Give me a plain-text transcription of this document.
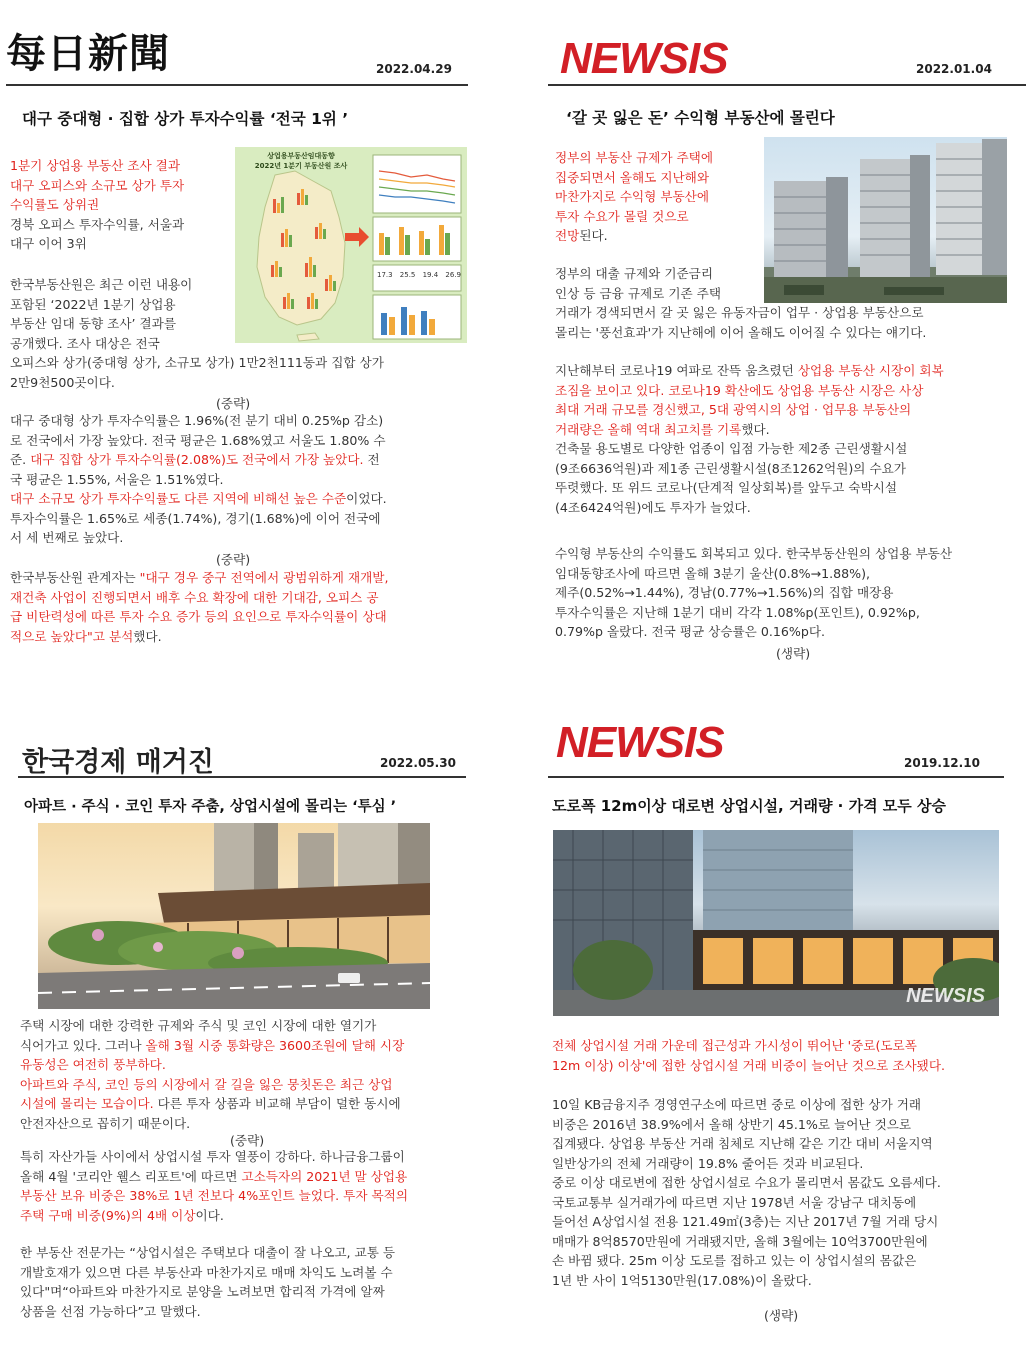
每日新聞	2022.04.29
대구 중대형 · 집합 상가 투자수익률 ‘전국 1위 ’
상업용부동산임대동향
2022년 1분기 부동산원 조사
17.3 25.5 19.4 26.9

1분기 상업용 부동산 조사 결과

대구 오피스와 소규모 상가 투자

수익률도 상위권

경북 오피스 투자수익률, 서울과

대구 이어 3위

한국부동산원은 최근 이런 내용이

포함된 ‘2022년 1분기 상업용

부동산 임대 동향 조사’ 결과를

공개했다. 조사 대상은 전국

오피스와 상가(중대형 상가, 소규모 상가) 1만2천111동과 집합 상가

2만9천500곳이다.

(중략)

대구 중대형 상가 투자수익률은 1.96%(전 분기 대비 0.25%p 감소)

로 전국에서 가장 높았다. 전국 평균은 1.68%였고 서울도 1.80% 수

준. 대구 집합 상가 투자수익률(2.08%)도 전국에서 가장 높았다. 전

국 평균은 1.55%, 서울은 1.51%였다.

대구 소규모 상가 투자수익률도 다른 지역에 비해선 높은 수준이었다.

투자수익률은 1.65%로 세종(1.74%), 경기(1.68%)에 이어 전국에

서 세 번째로 높았다.

(중략)

한국부동산원 관계자는 "대구 경우 중구 전역에서 광범위하게 재개발,

재건축 사업이 진행되면서 배후 수요 확장에 대한 기대감, 오피스 공

급 비탄력성에 따른 투자 수요 증가 등의 요인으로 투자수익률이 상대

적으로 높았다"고 분석했다.

NEWSIS	2022.01.04
‘갈 곳 잃은 돈’ 수익형 부동산에 몰린다

정부의 부동산 규제가 주택에

집중되면서 올해도 지난해와

마찬가지로 수익형 부동산에

투자 수요가 몰릴 것으로

전망된다.

정부의 대출 규제와 기준금리

인상 등 금융 규제로 기존 주택

거래가 경색되면서 갈 곳 잃은 유동자금이 업무 · 상업용 부동산으로

몰리는 '풍선효과'가 지난해에 이어 올해도 이어질 수 있다는 얘기다.

지난해부터 코로나19 여파로 잔뜩 움츠렸던 상업용 부동산 시장이 회복

조짐을 보이고 있다. 코로나19 확산에도 상업용 부동산 시장은 사상

최대 거래 규모를 경신했고, 5대 광역시의 상업 · 업무용 부동산의

거래량은 올해 역대 최고치를 기록했다.

건축물 용도별로 다양한 업종이 입점 가능한 제2종 근린생활시설

(9조6636억원)과 제1종 근린생활시설(8조1262억원)의 수요가

뚜렷했다. 또 위드 코로나(단계적 일상회복)를 앞두고 숙박시설

(4조6424억원)에도 투자가 늘었다.

수익형 부동산의 수익률도 회복되고 있다. 한국부동산원의 상업용 부동산

임대동향조사에 따르면 올해 3분기 울산(0.8%→1.88%),

제주(0.52%→1.44%), 경남(0.77%→1.56%)의 집합 매장용

투자수익률은 지난해 1분기 대비 각각 1.08%p(포인트), 0.92%p,

0.79%p 올랐다. 전국 평균 상승률은 0.16%p다.

(생략)
한국경제 매거진	2022.05.30
아파트 · 주식 · 코인 투자 주춤, 상업시설에 몰리는 ‘투심 ’

주택 시장에 대한 강력한 규제와 주식 및 코인 시장에 대한 열기가

식어가고 있다. 그러나 올해 3월 시중 통화량은 3600조원에 달해 시장

유동성은 여전히 풍부하다.

아파트와 주식, 코인 등의 시장에서 갈 길을 잃은 뭉칫돈은 최근 상업

시설에 몰리는 모습이다. 다른 투자 상품과 비교해 부담이 덜한 동시에

안전자산으로 꼽히기 때문이다.

(중략)

특히 자산가들 사이에서 상업시설 투자 열풍이 강하다. 하나금융그룹이

올해 4월 '코리안 웰스 리포트'에 따르면 고소득자의 2021년 말 상업용

부동산 보유 비중은 38%로 1년 전보다 4%포인트 늘었다. 투자 목적의

주택 구매 비중(9%)의 4배 이상이다.

한 부동산 전문가는 “상업시설은 주택보다 대출이 잘 나오고, 교통 등

개발호재가 있으면 다른 부동산과 마찬가지로 매매 차익도 노려볼 수

있다"며“아파트와 마찬가지로 분양을 노려보면 합리적 가격에 알짜

상품을 선점 가능하다”고 말했다.

NEWSIS	2019.12.10
도로폭 12m이상 대로변 상업시설, 거래량 · 가격 모두 상승
NEWSIS

전체 상업시설 거래 가운데 접근성과 가시성이 뛰어난 '중로(도로폭

12m 이상) 이상'에 접한 상업시설 거래 비중이 늘어난 것으로 조사됐다.

10일 KB금융지주 경영연구소에 따르면 중로 이상에 접한 상가 거래

비중은 2016년 38.9%에서 올해 상반기 45.1%로 늘어난 것으로

집계됐다. 상업용 부동산 거래 침체로 지난해 같은 기간 대비 서울지역

일반상가의 전체 거래량이 19.8% 줄어든 것과 비교된다.

중로 이상 대로변에 접한 상업시설로 수요가 몰리면서 몸값도 오름세다.

국토교통부 실거래가에 따르면 지난 1978년 서울 강남구 대치동에

들어선 A상업시설 전용 121.49㎡(3층)는 지난 2017년 7월 거래 당시

매매가 8억8570만원에 거래됐지만, 올해 3월에는 10억3700만원에

손 바뀜 됐다. 25m 이상 도로를 접하고 있는 이 상업시설의 몸값은

1년 반 사이 1억5130만원(17.08%)이 올랐다.

(생략)
